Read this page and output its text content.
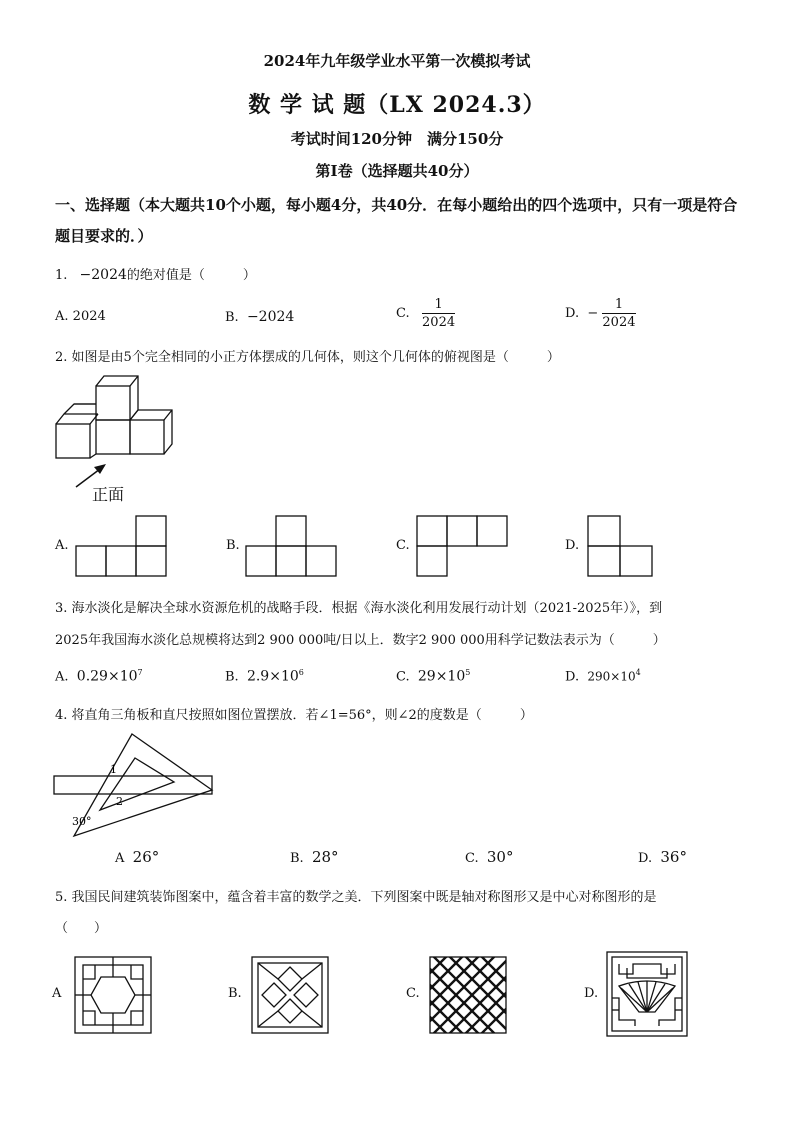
2024年九年级学业水平第一次模拟考试
数 学 试 题（LX 2024.3）
考试时间120分钟　满分150分
第I卷（选择题共40分）
一、选择题（本大题共10个小题，每小题4分，共40分．在每小题给出的四个选项中，只有一项是符合题目要求的．）
1. −2024的绝对值是（	）
A. 2024	B. −2024	C. $\frac{1}{2024}$	D. − $\frac{1}{2024}$
2. 如图是由5个完全相同的小正方体摆成的几何体，则这个几何体的俯视图是（	）
正面
A.	B.	C.	D.
3. 海水淡化是解决全球水资源危机的战略手段．根据《海水淡化利用发展行动计划（2021-2025年）》，到
2025年我国海水淡化总规模将达到2 900 000吨/日以上．数字2 900 000用科学记数法表示为（	）
A. $0.29\times 10^7$	B. $2.9\times 10^6$	C. $29\times 10^5$	D. $290\times 10^4$
4. 将直角三角板和直尺按照如图位置摆放．若∠1=56°，则∠2的度数是（	）
1
2
30°
A 26°	B. 28°	C. 30°	D. 36°
5. 我国民间建筑装饰图案中，蕴含着丰富的数学之美．下列图案中既是轴对称图形又是中心对称图形的是
（　　）
A	B.	C.	D.
